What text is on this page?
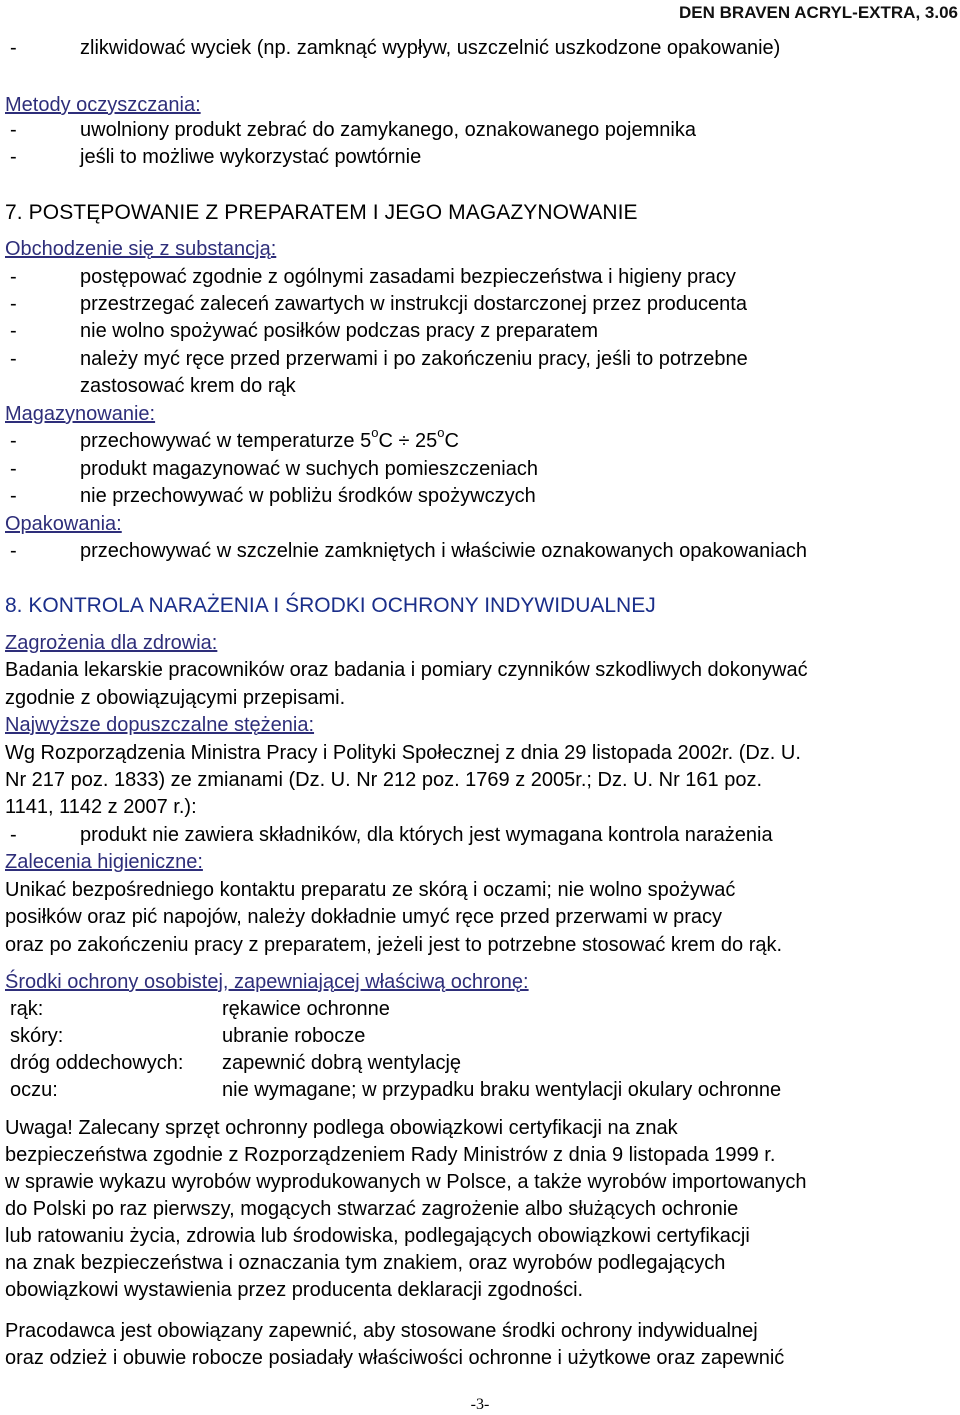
DEN BRAVEN ACRYL-EXTRA, 3.06
-	zlikwidować wyciek (np. zamknąć wypływ, uszczelnić uszkodzone opakowanie)
Metody oczyszczania:
-	uwolniony produkt zebrać do zamykanego, oznakowanego pojemnika
-	jeśli to możliwe wykorzystać powtórnie
7. POSTĘPOWANIE Z PREPARATEM I JEGO MAGAZYNOWANIE
Obchodzenie się z substancją:
-	postępować zgodnie z ogólnymi zasadami bezpieczeństwa i higieny pracy
-	przestrzegać zaleceń zawartych w instrukcji dostarczonej przez producenta
-	nie wolno spożywać posiłków podczas pracy z preparatem
-	należy myć ręce przed przerwami i po zakończeniu pracy, jeśli to potrzebne
zastosować krem do rąk
Magazynowanie:
-	przechowywać w temperaturze $5^oC \div 25^oC$
-	produkt magazynować w suchych pomieszczeniach
-	nie przechowywać w pobliżu środków spożywczych
Opakowania:
-	przechowywać w szczelnie zamkniętych i właściwie oznakowanych opakowaniach
8. KONTROLA NARAŻENIA I ŚRODKI OCHRONY INDYWIDUALNEJ
Zagrożenia dla zdrowia:
Badania lekarskie pracowników oraz badania i pomiary czynników szkodliwych dokonywać
zgodnie z obowiązującymi przepisami.
Najwyższe dopuszczalne stężenia:
Wg Rozporządzenia Ministra Pracy i Polityki Społecznej z dnia 29 listopada 2002r. (Dz. U.
Nr 217 poz. 1833) ze zmianami (Dz. U. Nr 212 poz. 1769 z 2005r.; Dz. U. Nr 161 poz.
1141, 1142 z 2007 r.):
-	produkt nie zawiera składników, dla których jest wymagana kontrola narażenia
Zalecenia higieniczne:
Unikać bezpośredniego kontaktu preparatu ze skórą i oczami; nie wolno spożywać
posiłków oraz pić napojów, należy dokładnie umyć ręce przed przerwami w pracy
oraz po zakończeniu pracy z preparatem, jeżeli jest to potrzebne stosować krem do rąk.
Środki ochrony osobistej, zapewniającej właściwą ochronę:
rąk:	rękawice ochronne
skóry:	ubranie robocze
dróg oddechowych: zapewnić dobrą wentylację
oczu:	nie wymagane; w przypadku braku wentylacji okulary ochronne
Uwaga! Zalecany sprzęt ochronny podlega obowiązkowi certyfikacji na znak
bezpieczeństwa zgodnie z Rozporządzeniem Rady Ministrów z dnia 9 listopada 1999 r.
w sprawie wykazu wyrobów wyprodukowanych w Polsce, a także wyrobów importowanych
do Polski po raz pierwszy, mogących stwarzać zagrożenie albo służących ochronie
lub ratowaniu życia, zdrowia lub środowiska, podlegających obowiązkowi certyfikacji
na znak bezpieczeństwa i oznaczania tym znakiem, oraz wyrobów podlegających
obowiązkowi wystawienia przez producenta deklaracji zgodności.
Pracodawca jest obowiązany zapewnić, aby stosowane środki ochrony indywidualnej
oraz odzież i obuwie robocze posiadały właściwości ochronne i użytkowe oraz zapewnić
-3-
